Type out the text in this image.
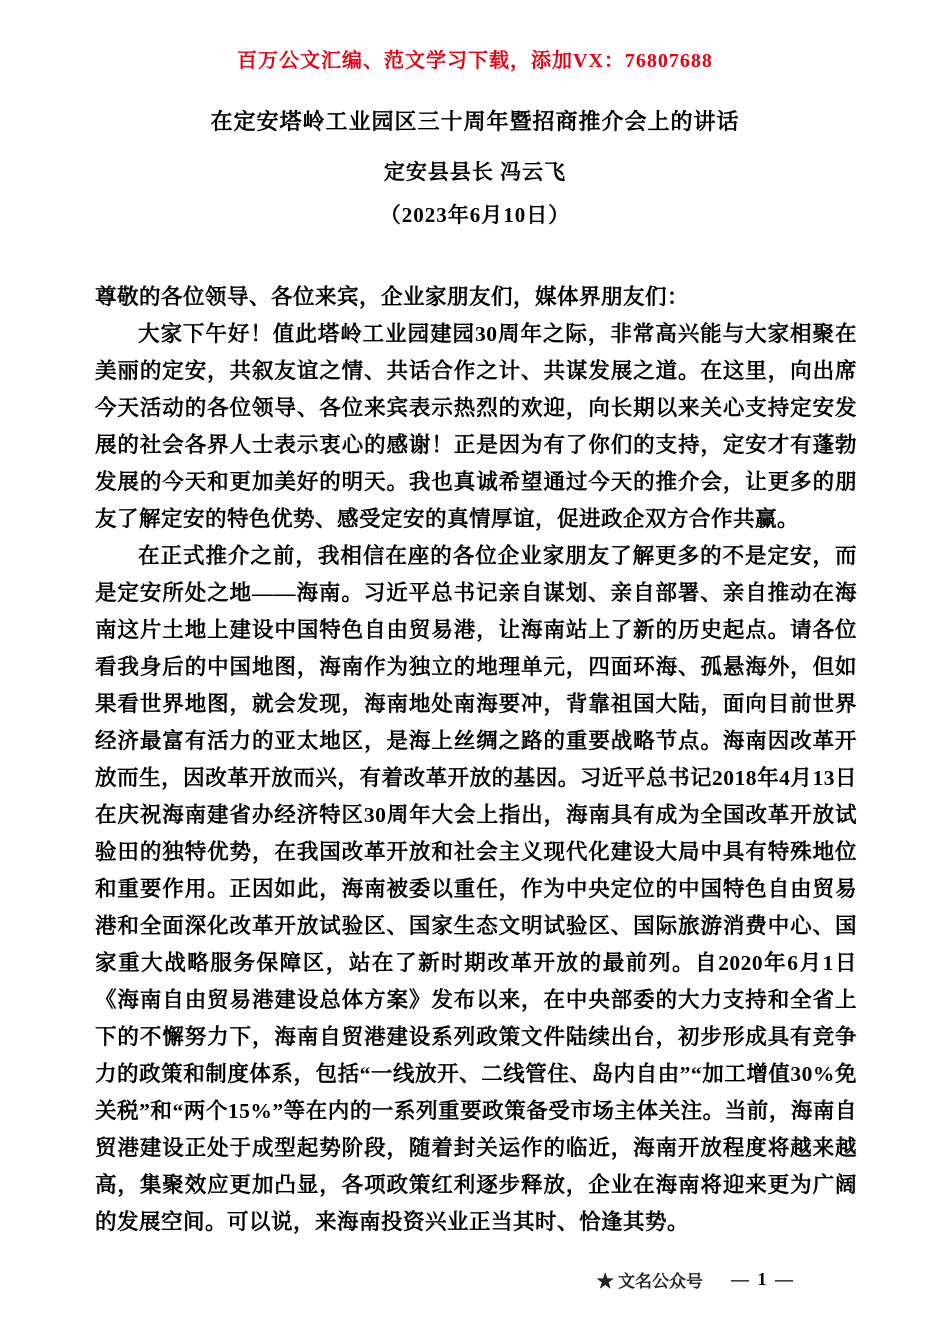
百万公文汇编、范文学习下载，添加VX：76807688
在定安塔岭工业园区三十周年暨招商推介会上的讲话
定安县县长 冯云飞
（2023年6月10日）

尊敬的各位领导、各位来宾，企业家朋友们，媒体界朋友们：

大家下午好！值此塔岭工业园建园30周年之际，非常高兴能与大家相聚在美丽的定安，共叙友谊之情、共话合作之计、共谋发展之道。在这里，向出席今天活动的各位领导、各位来宾表示热烈的欢迎，向长期以来关心支持定安发展的社会各界人士表示衷心的感谢！正是因为有了你们的支持，定安才有蓬勃发展的今天和更加美好的明天。我也真诚希望通过今天的推介会，让更多的朋友了解定安的特色优势、感受定安的真情厚谊，促进政企双方合作共赢。

在正式推介之前，我相信在座的各位企业家朋友了解更多的不是定安，而是定安所处之地——海南。习近平总书记亲自谋划、亲自部署、亲自推动在海南这片土地上建设中国特色自由贸易港，让海南站上了新的历史起点。请各位看我身后的中国地图，海南作为独立的地理单元，四面环海、孤悬海外，但如果看世界地图，就会发现，海南地处南海要冲，背靠祖国大陆，面向目前世界经济最富有活力的亚太地区，是海上丝绸之路的重要战略节点。海南因改革开放而生，因改革开放而兴，有着改革开放的基因。习近平总书记2018年4月13日在庆祝海南建省办经济特区30周年大会上指出，海南具有成为全国改革开放试验田的独特优势，在我国改革开放和社会主义现代化建设大局中具有特殊地位和重要作用。正因如此，海南被委以重任，作为中央定位的中国特色自由贸易港和全面深化改革开放试验区、国家生态文明试验区、国际旅游消费中心、国家重大战略服务保障区，站在了新时期改革开放的最前列。自2020年6月1日《海南自由贸易港建设总体方案》发布以来，在中央部委的大力支持和全省上下的不懈努力下，海南自贸港建设系列政策文件陆续出台，初步形成具有竞争力的政策和制度体系，包括“一线放开、二线管住、岛内自由”“加工增值30%免关税”和“两个15%”等在内的一系列重要政策备受市场主体关注。当前，海南自贸港建设正处于成型起势阶段，随着封关运作的临近，海南开放程度将越来越高，集聚效应更加凸显，各项政策红利逐步释放，企业在海南将迎来更为广阔的发展空间。可以说，来海南投资兴业正当其时、恰逢其势。

★ 文名公众号 — 1 —
